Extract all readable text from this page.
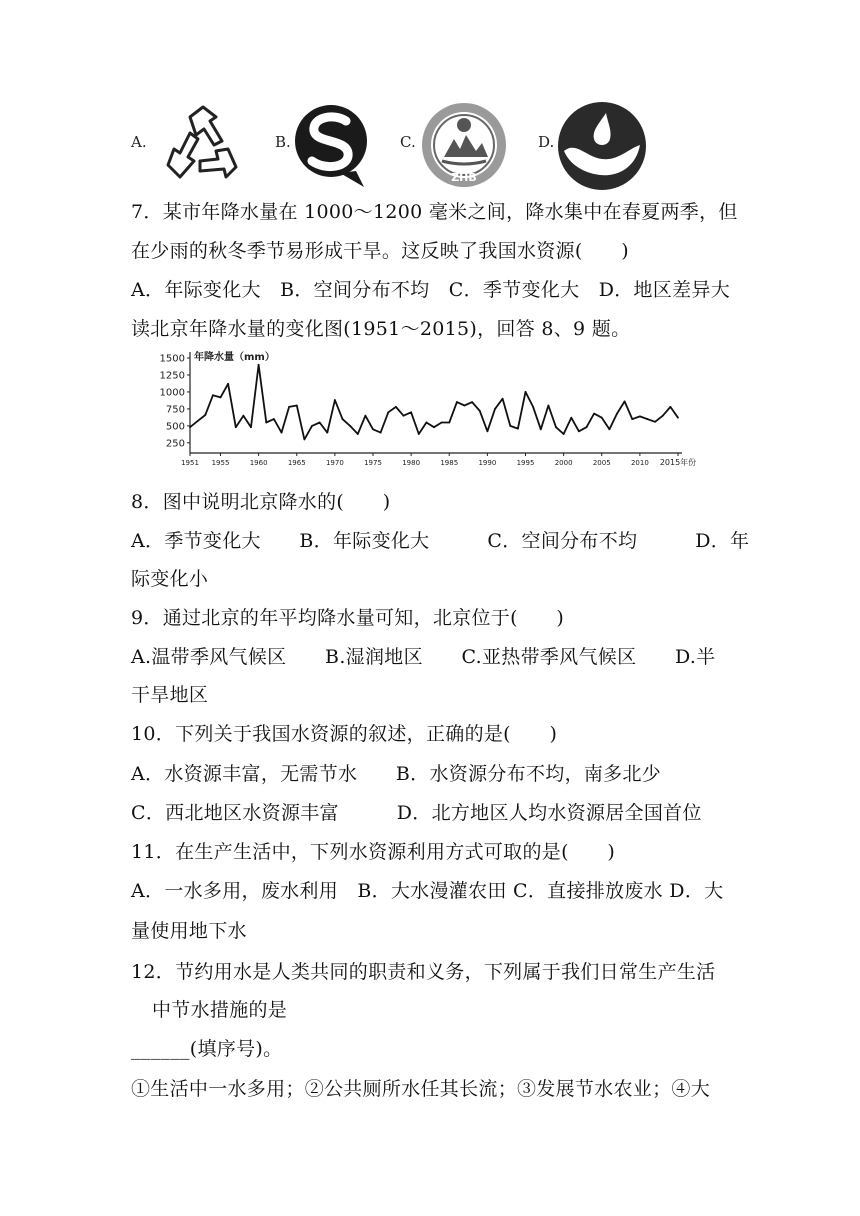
A.	B.	C.
ZHB
D.
7．某市年降水量在 1000～1200 毫米之间，降水集中在春夏两季，但
在少雨的秋冬季节易形成干旱。这反映了我国水资源(　　)
A．年际变化大　B．空间分布不均　C．季节变化大　D．地区差异大
读北京年降水量的变化图(1951～2015)，回答 8、9 题。
250
500
750
1000
1250
1500
1951 1955	1960	1965	1970	1975	1980	1985	1990	1995	2000	2005	2010 2015年份
年降水量（mm）
8．图中说明北京降水的(　　)
A．季节变化大　　B．年际变化大　　　C．空间分布不均　　　D．年
际变化小
9．通过北京的年平均降水量可知，北京位于(　　)
A.温带季风气候区　　B.湿润地区　　C.亚热带季风气候区　　D.半
干旱地区
10．下列关于我国水资源的叙述，正确的是(　　)
A．水资源丰富，无需节水　　B．水资源分布不均，南多北少
C．西北地区水资源丰富　　　D．北方地区人均水资源居全国首位
11．在生产生活中，下列水资源利用方式可取的是(　　)
A．一水多用，废水利用　B．大水漫灌农田 C．直接排放废水 D．大
量使用地下水
12．节约用水是人类共同的职责和义务，下列属于我们日常生产生活
中节水措施的是
______(填序号)。
①生活中一水多用；②公共厕所水任其长流；③发展节水农业；④大
